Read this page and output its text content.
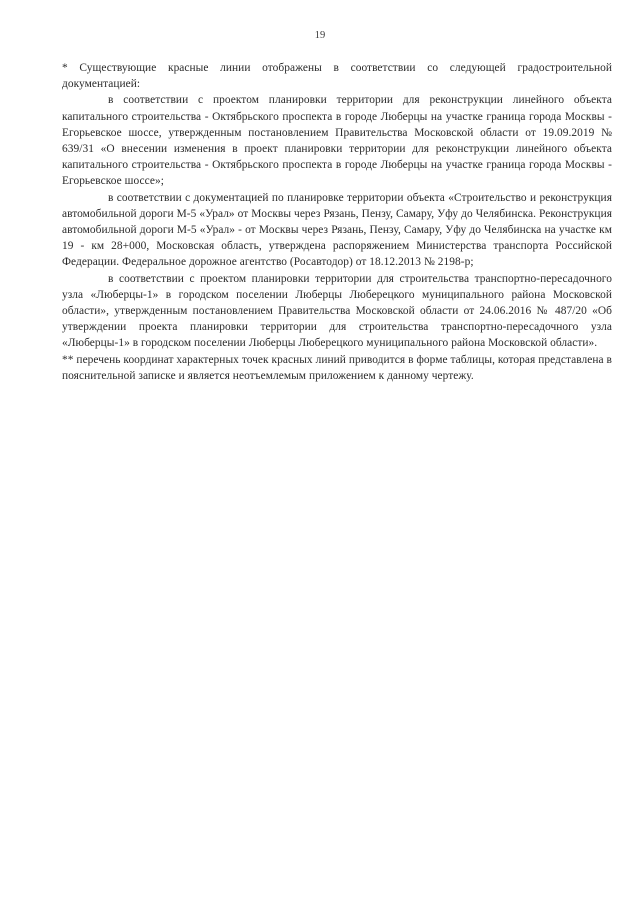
19

* Существующие красные линии отображены в соответствии со следующей градостроительной документацией:

в соответствии с проектом планировки территории для реконструкции линейного объекта капитального строительства - Октябрьского проспекта в городе Люберцы на участке граница города Москвы - Егорьевское шоссе, утвержденным постановлением Правительства Московской области от 19.09.2019 № 639/31 «О внесении изменения в проект планировки территории для реконструкции линейного объекта капитального строительства - Октябрьского проспекта в городе Люберцы на участке граница города Москвы - Егорьевское шоссе»;

в соответствии с документацией по планировке территории объекта «Строительство и реконструкция автомобильной дороги М-5 «Урал» от Москвы через Рязань, Пензу, Самару, Уфу до Челябинска. Реконструкция автомобильной дороги М-5 «Урал» - от Москвы через Рязань, Пензу, Самару, Уфу до Челябинска на участке км 19 - км 28+000, Московская область, утверждена распоряжением Министерства транспорта Российской Федерации. Федеральное дорожное агентство (Росавтодор) от 18.12.2013 № 2198-р;

в соответствии с проектом планировки территории для строительства транспортно-пересадочного узла «Люберцы-1» в городском поселении Люберцы Люберецкого муниципального района Московской области», утвержденным постановлением Правительства Московской области от 24.06.2016 № 487/20 «Об утверждении проекта планировки территории для строительства транспортно-пересадочного узла «Люберцы-1» в городском поселении Люберцы Люберецкого муниципального района Московской области».

** перечень координат характерных точек красных линий приводится в форме таблицы, которая представлена в пояснительной записке и является неотъемлемым приложением к данному чертежу.
